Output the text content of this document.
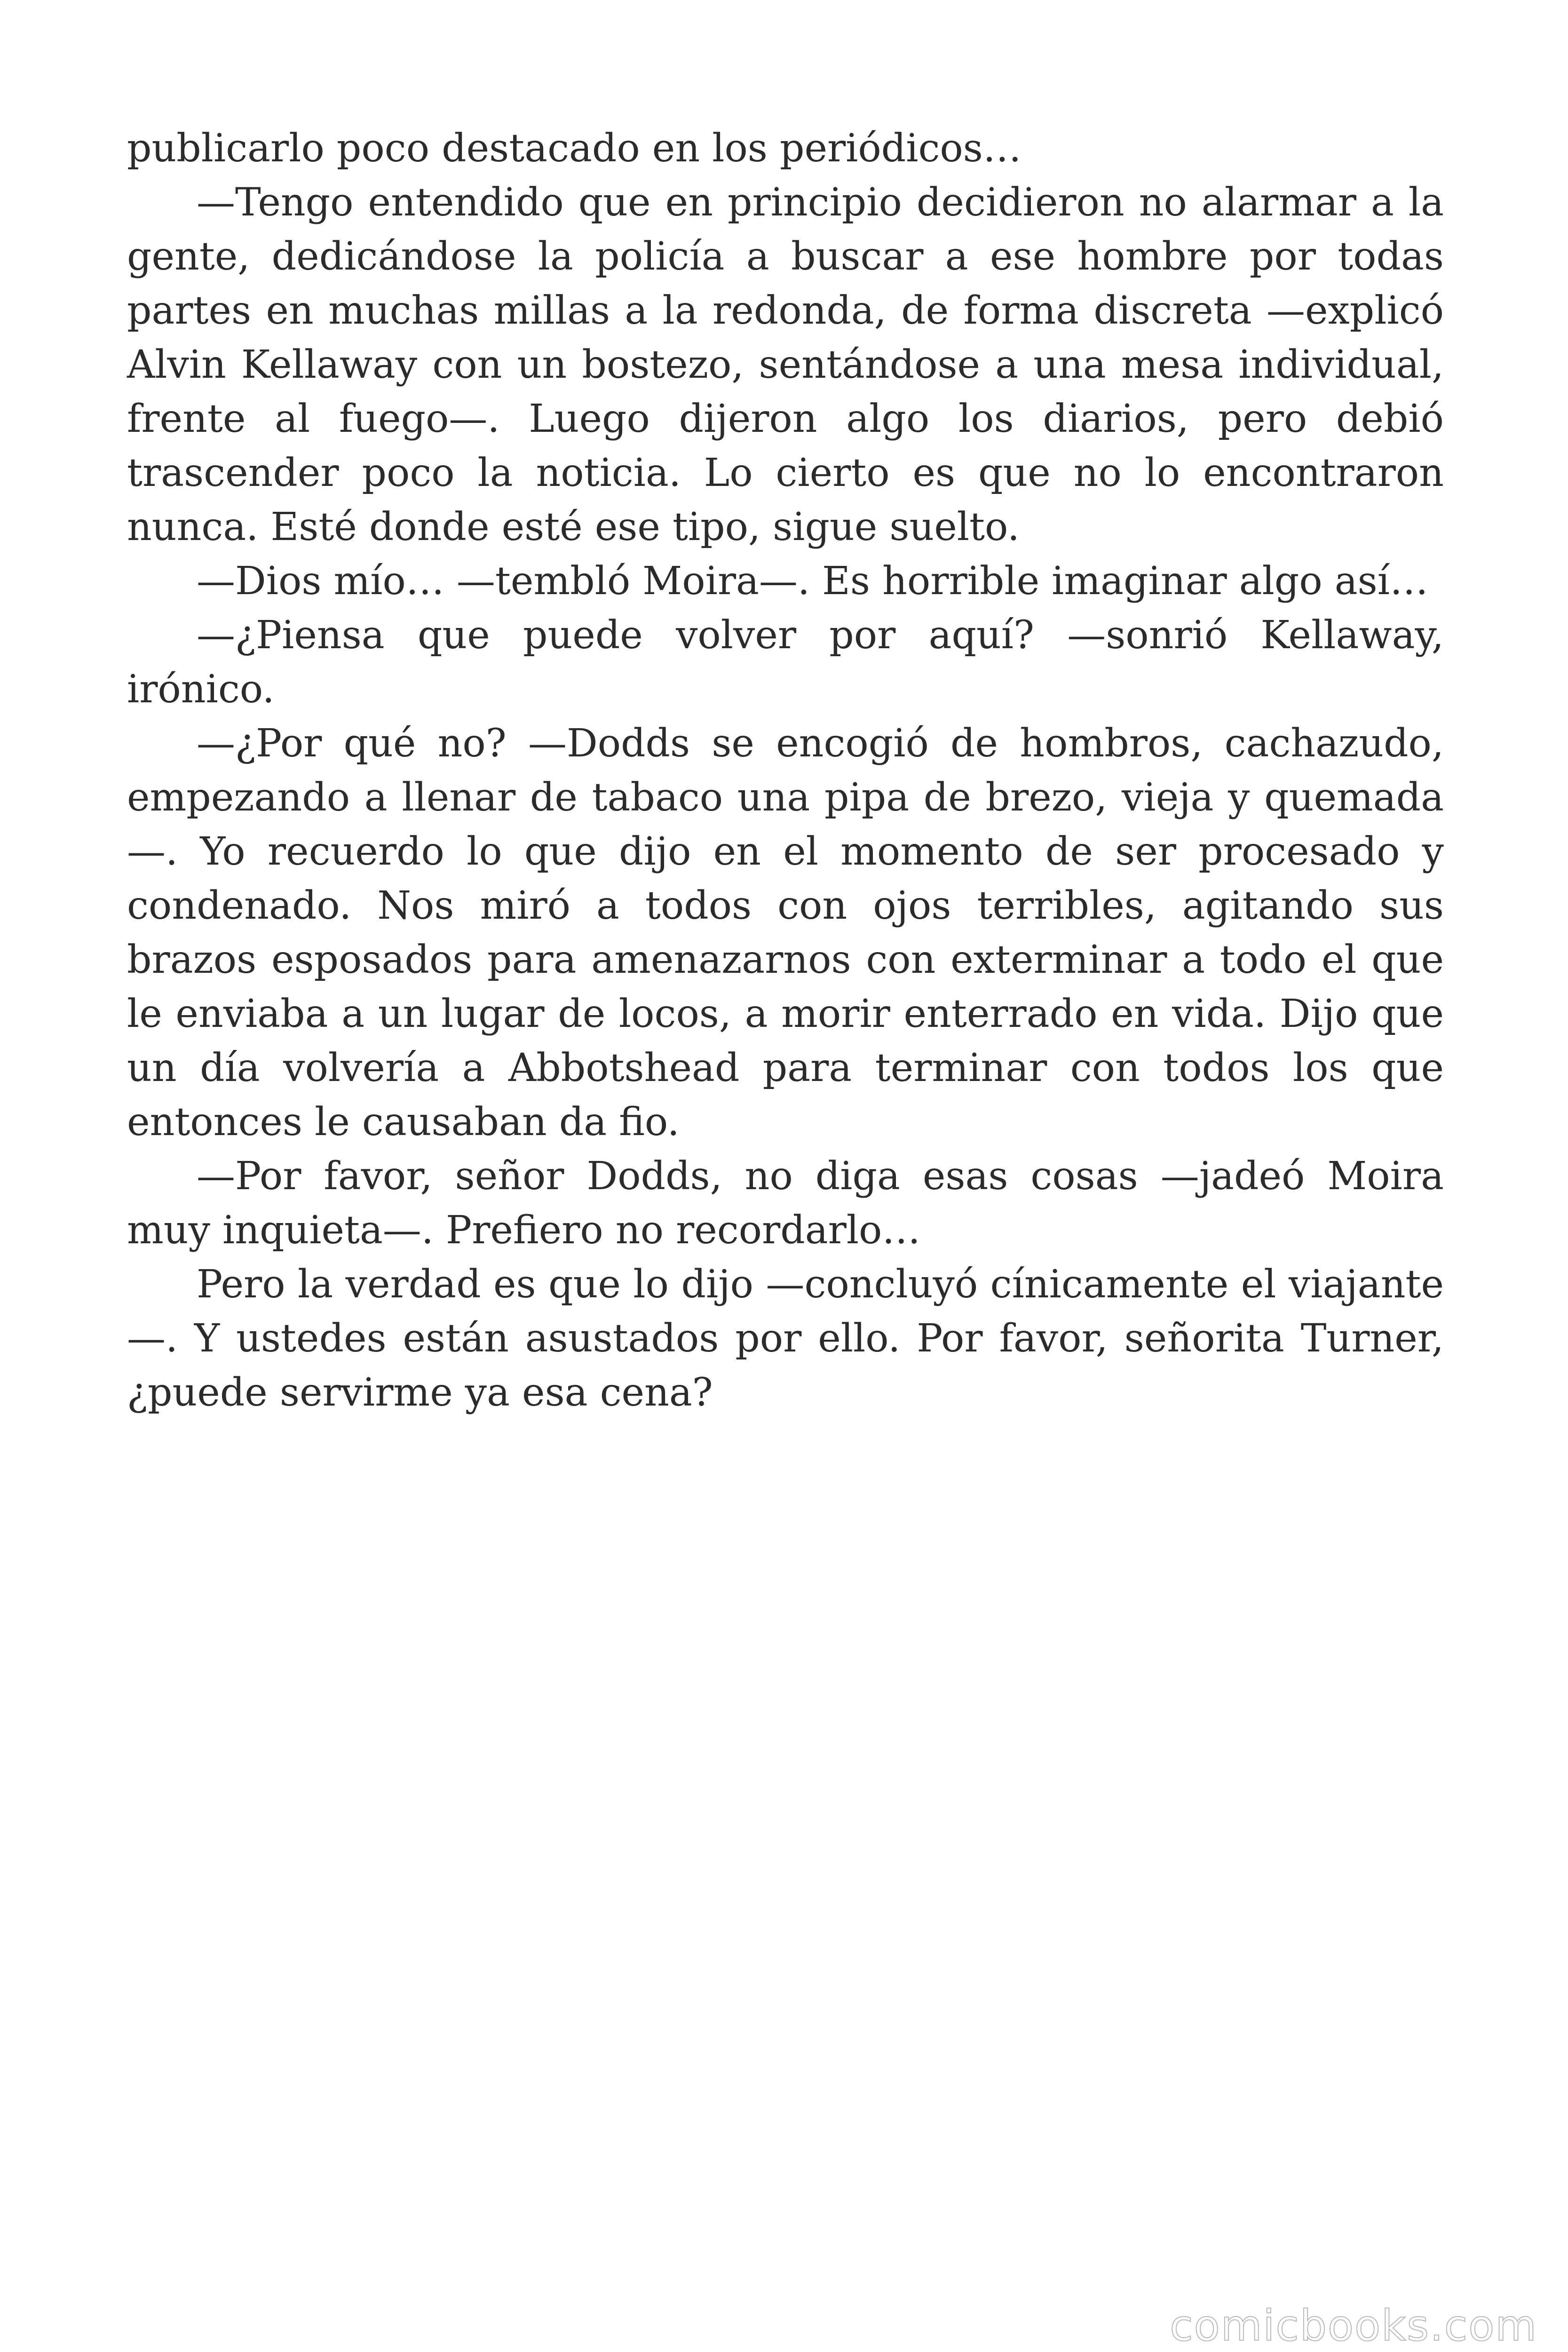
publicarlo poco destacado en los periódicos…

—Tengo entendido que en principio decidieron no alarmar a la gente, dedicándose la policía a buscar a ese hombre por todas partes en muchas millas a la redonda, de forma discreta —explicó Alvin Kellaway con un bostezo, sentándose a una mesa individual, frente al fuego—. Luego dijeron algo los diarios, pero debió trascender poco la noticia. Lo cierto es que no lo encontraron nunca. Esté donde esté ese tipo, sigue suelto.

—Dios mío… —tembló Moira—. Es horrible imaginar algo así…

—¿Piensa que puede volver por aquí? —sonrió Kellaway, irónico.

—¿Por qué no? —Dodds se encogió de hombros, cachazudo, empezando a llenar de tabaco una pipa de brezo, vieja y quemada —. Yo recuerdo lo que dijo en el momento de ser procesado y condenado. Nos miró a todos con ojos terribles, agitando sus brazos esposados para amenazarnos con exterminar a todo el que le enviaba a un lugar de locos, a morir enterrado en vida. Dijo que un día volvería a Abbotshead para terminar con todos los que entonces le causaban da fio.

—Por favor, señor Dodds, no diga esas cosas —jadeó Moira muy inquieta—. Prefiero no recordarlo…

Pero la verdad es que lo dijo —concluyó cínicamente el viajante —. Y ustedes están asustados por ello. Por favor, señorita Turner, ¿puede servirme ya esa cena?

comicbooks.com
